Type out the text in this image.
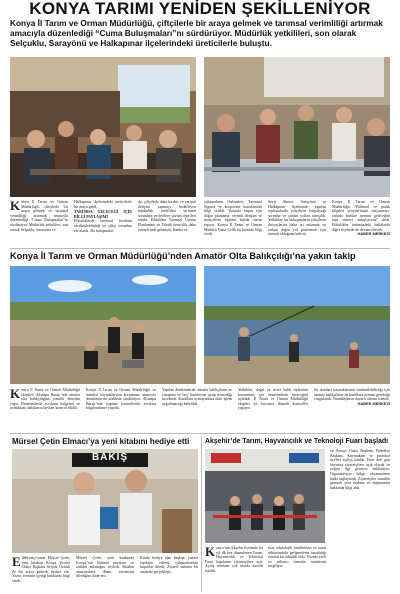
KONYA TARIMI YENİDEN ŞEKİLLENİYOR
Konya İl Tarım ve Orman Müdürlüğü, çiftçilerle bir araya gelmek ve tarımsal verimliliği artırmak amacıyla düzenlediği “Cuma Buluşmaları”nı sürdürüyor. Müdürlük yetkilileri, son olarak Selçuklu, Sarayönü ve Halkapınar ilçelerindeki üreticilerle buluştu.
Konya İl Tarım ve Orman Müdürlüğü, çiftçilerle bir araya gelmek ve tarımsal verimliliği artırmak amacıyla düzenlediği “Cuma Buluşmaları”nı sürdürüyor. Müdürlük yetkilileri, son olarak Selçuklu, Sarayönü ve
Halkapınar ilçelerindeki üreticilerle bir araya geldi.
TARIMDA GELECEĞİ İÇİN BİLGİ PAYLAŞIMI
Etkinliklerde tarımsal üretimin sürdürülebilirliği ve çiftçi sorunları ele alındı. Bu buluşmalar-
da, çiftçilerle daha birebir ve verimli iletişim yapmayı hedefleyen müdürlük yetkilileri tarımsal sorunlara ve dertlere çözüm önerileri sundu. Etkinlikte Tarımsal Üretim Planlaması ve Pilotik üreticilik daha önemli hale gelmiştir, Banka ve
çalışmaların Önlemleri, Tarımsal Sigorta ve kooperatif konularında bilgi verildi. Tarımda başarı için doğru planlama, verimli iletişim ve üreticilerin eğitimi büyük önem taşıyor. Konya İl Tarım ve Orman Müdürü Yasin Çelik bu konuda bilgi verdi.
Seyit Ahmet, Sarayönü ve Halkapınar ilçelerinde yapılan toplantılarda çiftçilerin karşılaştığı sorunlar ve çözüm yolları tartışıldı. Yetkililer, bu buluşmaların çiftçilerin ihtiyaçlarını daha iyi anlamak ve onlara doğru yol göstermek için önemli olduğunu belirtti.
Konya İl Tarım ve Orman Müdürlüğü, “Bilimsel ve pratik bilgileri çiftçilerimize ulaştırmayı, onlarla birlikte tarımın geleceğini inşa etmeyi amaçlıyoruz” dedi. Etkinlikler önümüzdeki haftalarda diğer ilçelerde de devam edecek.
HABER MERKEZİ
Konya İl Tarım ve Orman Müdürlüğü’nden Amatör Olta Balıkçılığı’na yakın takip
Konya İl Tarım ve Orman Müdürlüğü ekipleri, Altınapa Barajı’nda amatör olta balıkçılığına yönelik denetim yaptı. Denetimlerde avcıların belgeleri ve avladıkları balıkların boyları kontrol edildi.
Konya İl Tarım ve Orman Müdürlüğü, su ürünleri kaynaklarının korunması amacıyla denetimlerini aralıksız sürdürüyor. Altınapa Barajı’nda yapılan kontrollerde avcılara bilgilendirme yapıldı.
Yapılan denetimlerde, amatör balıkçıların av yasağına ve boy limitlerine uyup uymadığı incelendi. Kurallara uymayanlara idari işlem uygulanacağı belirtildi.
Yetkililer, doğal ve ticari balık türlerinin korunması için denetimlerin süreceğini açıkladı. İl Tarım ve Orman Müdürlüğü ekipleri yıl boyunca düzenli kontroller yapıyor.
Su ürünleri kaynaklarının sürdürülebilirliği için amatör balıkçıların da kurallara uyması gerektiği vurgulandı. Vatandaşların duyarlı olması istendi.
HABER MERKEZİ
Mürsel Çetin Elmacı’ya yeni kitabını hediye etti
BAKIŞ
Edebiyatçı-yazar Mürsel Çetin, yeni kitabını Konya Ticaret Odası Başkanı Selçuk Öztürk ile bir araya gelerek hediye etti. Yazar, eserinin içeriği hakkında bilgi verdi.
Mürsel Çetin, yeni kitabında Konya’nın kültürel mirasını ve tarihini anlattığını söyledi. Kitabın okuyuculara ilham vermesini dilediğini ifade etti.
Kitabı hediye alan başkan, yazara teşekkür ederek çalışmalarında başarılar diledi. Ziyaret samimi bir ortamda gerçekleşti.
Akşehir’de Tarım, Hayvancılık ve Teknoloji Fuarı başladı
ve Sanayi Odası Başkanı, Belediye Başkanı, Kaymakam ve protokol üyeleri açılışa katıldı. Fuar dört gün boyunca ziyaretçilere açık olacak ve yoğun ilgi görmesi bekleniyor. Organizasyon bölge ekonomisine katkı sağlayacak. Ziyaretçiler stantları gezerek yeni makine ve ekipmanlar hakkında bilgi aldı.
Konya’nın Akşehir ilçesinde bu yıl ilk kez düzenlenen Tarım, Hayvancılık ve Teknoloji Fuarı kapılarını ziyaretçilere açtı. Açılış törenine çok sayıda davetli katıldı.
fuar, teknolojik yeniliklerin ve tarım sektöründeki gelişmelerin tanıtıldığı önemli bir etkinlik oldu. Fuarda yerli ve yabancı firmalar ürünlerini sergiliyor.
